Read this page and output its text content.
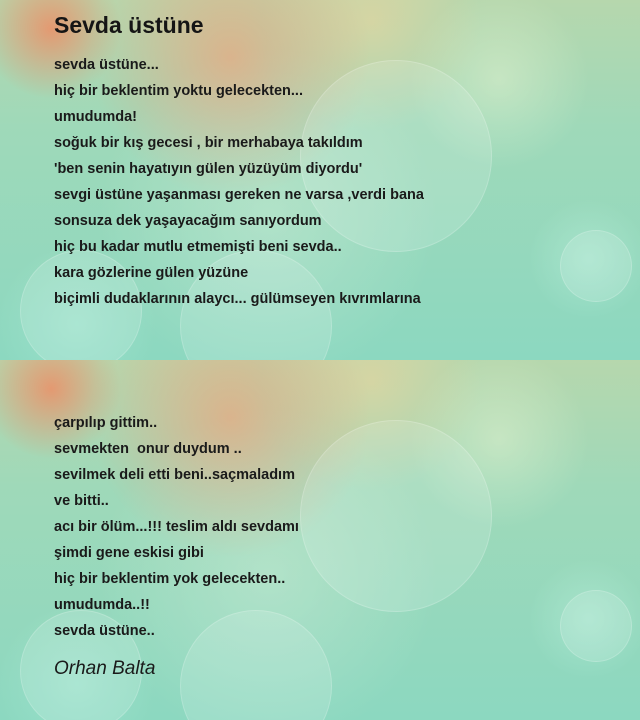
Sevda üstüne
sevda üstüne...
hiç bir beklentim yoktu gelecekten...
umudumda!
soğuk bir kış gecesi , bir merhabaya takıldım
'ben senin hayatıyın gülen yüzüyüm diyordu'
sevgi üstüne yaşanması gereken ne varsa ,verdi bana
sonsuza dek yaşayacağım sanıyordum
hiç bu kadar mutlu etmemişti beni sevda..
kara gözlerine gülen yüzüne
biçimli dudaklarının alaycı... gülümseyen kıvrımlarına
çarpılıp gittim..
sevmekten  onur duydum ..
sevilmek deli etti beni..saçmaladım
ve bitti..
acı bir ölüm...!!! teslim aldı sevdamı
şimdi gene eskisi gibi
hiç bir beklentim yok gelecekten..
umudumda..!!
sevda üstüne..

Orhan Balta
